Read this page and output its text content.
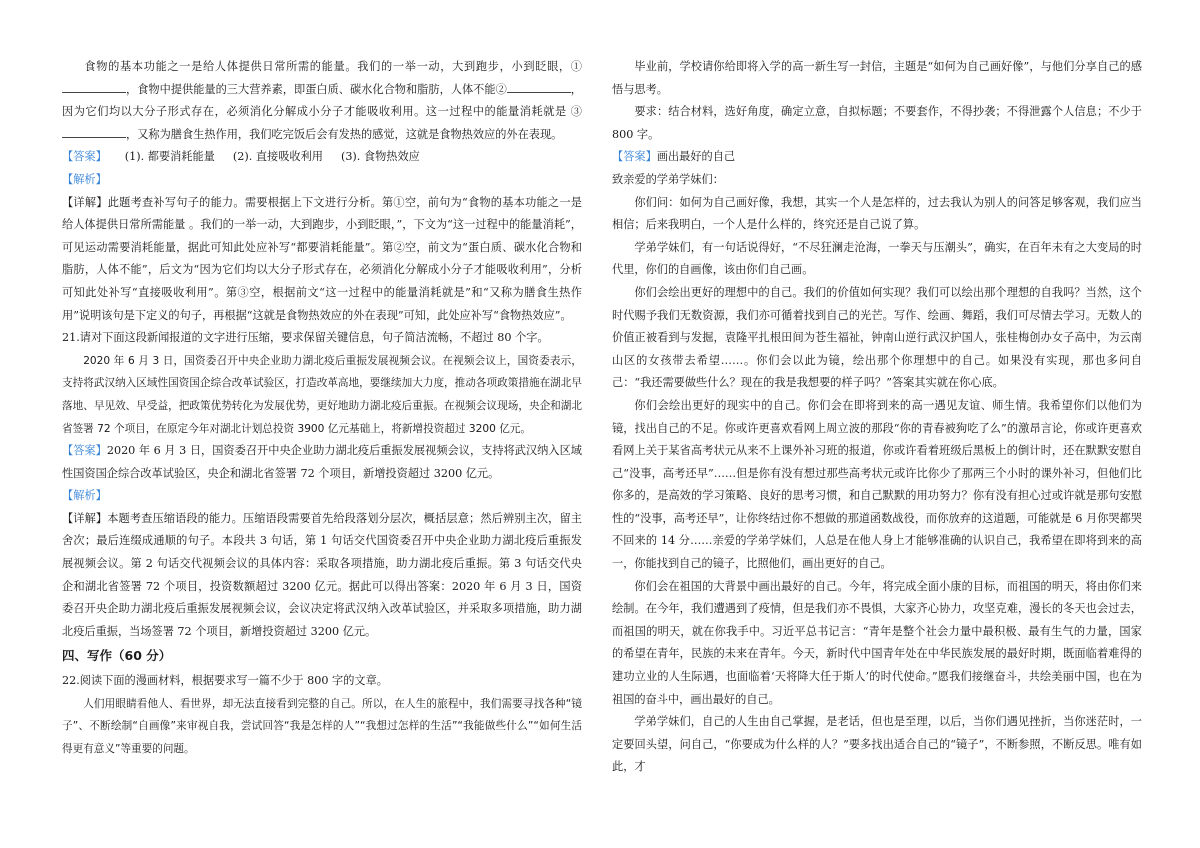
食物的基本功能之一是给人体提供日常所需的能量。我们的一举一动，大到跑步，小到眨眼，①，食物中提供能量的三大营养素，即蛋白质、碳水化合物和脂肪，人体不能②	，因为它们均以大分子形式存在，必须消化分解成小分子才能吸收利用。这一过程中的能量消耗就是 ③，又称为膳食生热作用，我们吃完饭后会有发热的感觉，这就是食物热效应的外在表现。

【答案】 (1). 都要消耗能量 (2). 直接吸收利用 (3). 食物热效应

【解析】

【详解】此题考查补写句子的能力。需要根据上下文进行分析。第①空，前句为“食物的基本功能之一是给人体提供日常所需能量 。我们的一举一动，大到跑步，小到眨眼，”，下文为“这一过程中的能量消耗”，可见运动需要消耗能量，据此可知此处应补写“都要消耗能量”。第②空，前文为“蛋白质、碳水化合物和脂肪，人体不能”，后文为“因为它们均以大分子形式存在，必须消化分解成小分子才能吸收利用”，分析可知此处补写“直接吸收利用”。第③空，根据前文“这一过程中的能量消耗就是”和“又称为膳食生热作用”说明该句是下定义的句子，再根据“这就是食物热效应的外在表现”可知，此处应补写“食物热效应”。

21.请对下面这段新闻报道的文字进行压缩，要求保留关键信息，句子简洁流畅，不超过 80 个字。

2020 年 6 月 3 日，国资委召开中央企业助力湖北疫后重振发展视频会议。在视频会议上，国资委表示，支持将武汉纳入区域性国资国企综合改革试验区，打造改革高地，要继续加大力度，推动各项政策措施在湖北早落地、早见效、早受益，把政策优势转化为发展优势，更好地助力湖北疫后重振。在视频会议现场，央企和湖北省签署 72 个项目，在原定今年对湖北计划总投资 3900 亿元基础上，将新增投资超过 3200 亿元。

【答案】2020 年 6 月 3 日，国资委召开中央企业助力湖北疫后重振发展视频会议，支持将武汉纳入区域性国资国企综合改革试验区，央企和湖北省签署 72 个项目，新增投资超过 3200 亿元。

【解析】

【详解】本题考查压缩语段的能力。压缩语段需要首先给段落划分层次，概括层意；然后辨别主次，留主舍次；最后连缀成通顺的句子。本段共 3 句话，第 1 句话交代国资委召开中央企业助力湖北疫后重振发展视频会议。第 2 句话交代视频会议的具体内容：采取各项措施，助力湖北疫后重振。第 3 句话交代央企和湖北省签署 72 个项目，投资数额超过 3200 亿元。据此可以得出答案：2020 年 6 月 3 日，国资委召开央企助力湖北疫后重振发展视频会议，会议决定将武汉纳入改革试验区，并采取多项措施，助力湖北疫后重振，当场签署 72 个项目，新增投资超过 3200 亿元。

四、写作（60 分）

22.阅读下面的漫画材料，根据要求写一篇不少于 800 字的文章。

人们用眼睛看他人、看世界，却无法直接看到完整的自己。所以，在人生的旅程中，我们需要寻找各种“镜子”、不断绘制“自画像”来审视自我，尝试回答“我是怎样的人”“我想过怎样的生活”“我能做些什么”“如何生活得更有意义”等重要的问题。

毕业前，学校请你给即将入学的高一新生写一封信，主题是“如何为自己画好像”，与他们分享自己的感悟与思考。

要求：结合材料，选好角度，确定立意，自拟标题；不要套作，不得抄袭；不得泄露个人信息；不少于 800 字。

【答案】画出最好的自己

致亲爱的学弟学妹们：

你们问：如何为自己画好像，我想，其实一个人是怎样的，过去我认为别人的问答足够客观，我们应当相信；后来我明白，一个人是什么样的，终究还是自己说了算。

学弟学妹们，有一句话说得好，“不尽狂澜走沧海，一拳天与压潮头”，确实，在百年未有之大变局的时代里，你们的自画像，该由你们自己画。

你们会绘出更好的理想中的自己。我们的价值如何实现？我们可以绘出那个理想的自我吗？当然，这个时代赐予我们无数资源，我们亦可循着找到自己的光芒。写作、绘画、舞蹈，我们可尽情去学习。无数人的价值正被看到与发掘，袁隆平扎根田间为苍生福祉，钟南山逆行武汉护国人，张桂梅创办女子高中，为云南山区的女孩带去希望……。你们会以此为镜，绘出那个你理想中的自己。如果没有实现，那也多问自己：“我还需要做些什么？现在的我是我想要的样子吗？”答案其实就在你心底。

你们会绘出更好的现实中的自己。你们会在即将到来的高一遇见友谊、师生情。我希望你们以他们为镜，找出自己的不足。你或许更喜欢看网上周立波的那段“你的青春被狗吃了么”的激昂言论，你或许更喜欢看网上关于某省高考状元从来不上课外补习班的报道，你或许看着班级后黑板上的倒计时，还在默默安慰自己“没事，高考还早”……但是你有没有想过那些高考状元或许比你少了那两三个小时的课外补习，但他们比你多的，是高效的学习策略、良好的思考习惯，和自己默默的用功努力？你有没有担心过或许就是那句安慰性的“没事，高考还早”，让你终结过你不想做的那道函数战役，而你放弃的这道题，可能就是 6 月你哭都哭不回来的 14 分……亲爱的学弟学妹们，人总是在他人身上才能够准确的认识自己，我希望在即将到来的高一，你能找到自己的镜子，比照他们，画出更好的自己。

你们会在祖国的大背景中画出最好的自己。今年，将完成全面小康的目标，而祖国的明天，将由你们来绘制。在今年，我们遭遇到了疫情，但是我们亦不畏惧，大家齐心协力，攻坚克难，漫长的冬天也会过去，而祖国的明天，就在你我手中。习近平总书记言：“青年是整个社会力量中最积极、最有生气的力量，国家的希望在青年，民族的未来在青年。今天，新时代中国青年处在中华民族发展的最好时期，既面临着难得的建功立业的人生际遇，也面临着‘天将降大任于斯人’的时代使命。”愿我们接继奋斗，共绘美丽中国，也在为祖国的奋斗中，画出最好的自己。

学弟学妹们，自己的人生由自己掌握，是老话，但也是至理，以后，当你们遇见挫折，当你迷茫时，一定要回头望，问自己，“你要成为什么样的人？”要多找出适合自己的“镜子”，不断参照，不断反思。唯有如此，才
